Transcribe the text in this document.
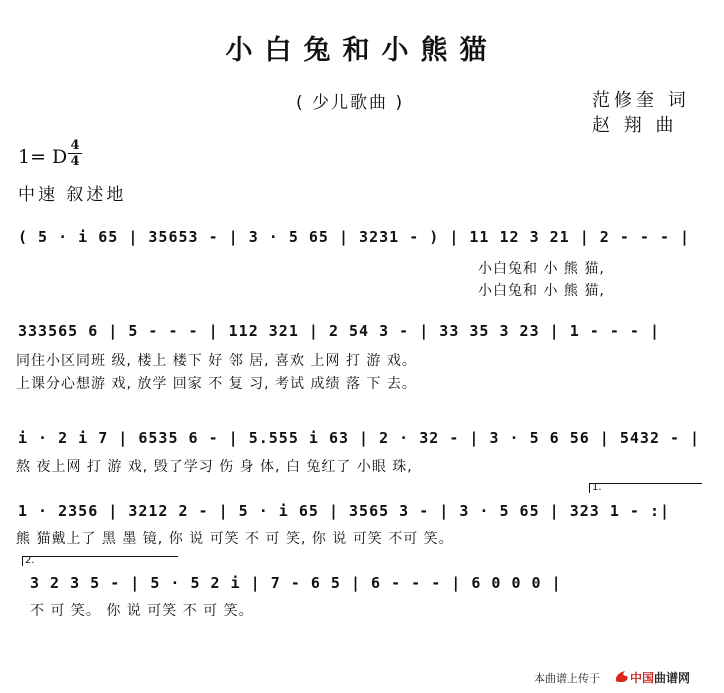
小白兔和小熊猫
( 少儿歌曲 )	范修奎 词
赵 翔 曲
1= D
4
4
中速 叙述地
( 5 · i 65 | 35653 - | 3 · 5 65 | 3231 - ) | 11 12 3 21 | 2 - - - |
小白兔和 小 熊 猫,
小白兔和 小 熊 猫,
333565 6 | 5 - - - | 112 321 | 2 54 3 - | 33 35 3 23 | 1 - - - |
同住小区同班 级, 楼上 楼下 好 邻 居, 喜欢 上网 打 游 戏。
上课分心想游 戏, 放学 回家 不 复 习, 考试 成绩 落 下 去。
i · 2 i 7 | 6535 6 - | 5.555 i 63 | 2 · 32 - | 3 · 5 6 56 | 5432 - |
熬 夜上网 打 游 戏, 毁了学习 伤 身 体, 白 兔红了 小眼 珠,
1 · 2356 | 3212 2 - | 5 · i 65 | 3565 3 - | 3 · 5 65 | 323 1 - :|
熊 猫戴上了 黑 墨 镜, 你 说 可笑 不 可 笑, 你 说 可笑 不可 笑。
1.
2.
3 2 3 5 - | 5 · 5 2 i | 7 - 6 5 | 6 - - - | 6 0 0 0 |
不 可 笑。 你 说 可笑 不 可 笑。
本曲谱上传于	中国曲谱网
